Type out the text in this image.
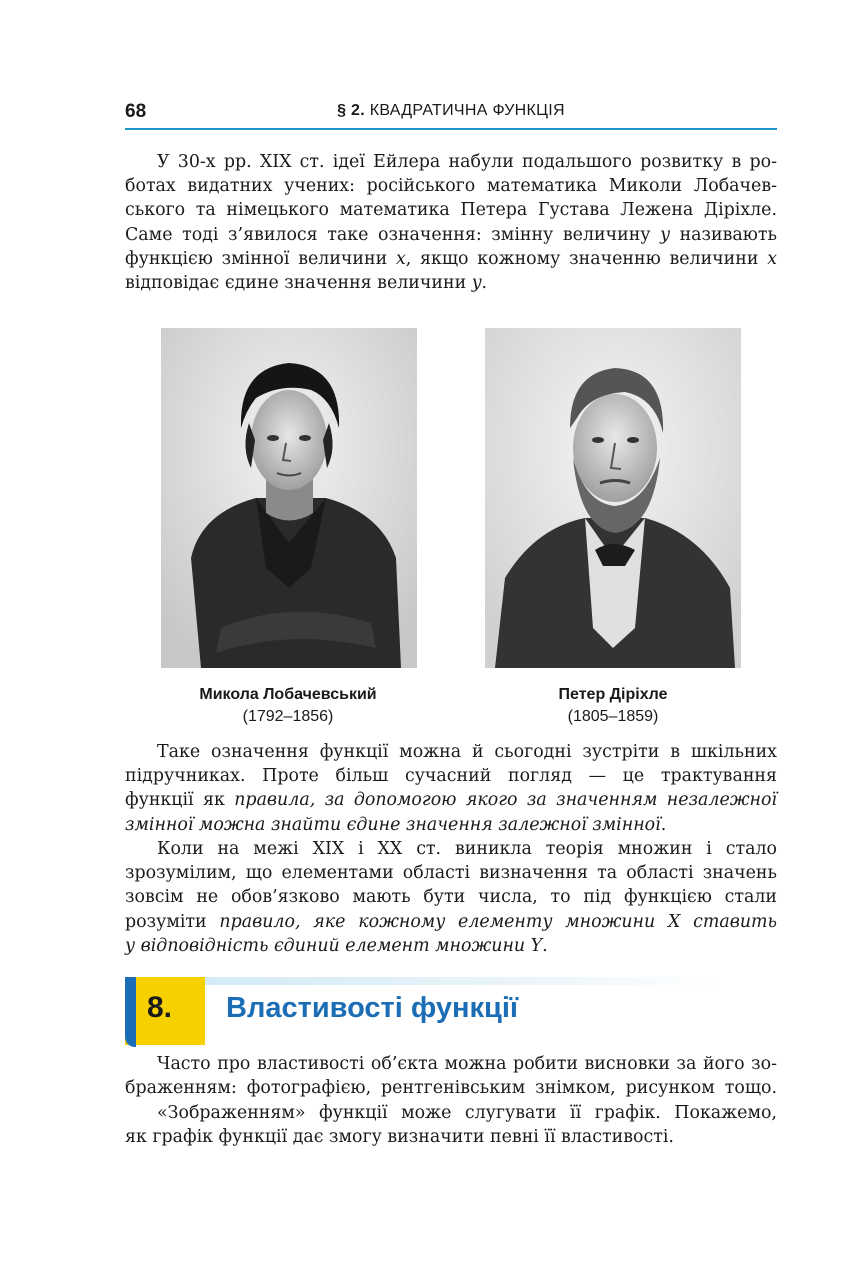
68	§ 2. КВАДРАТИЧНА ФУНКЦІЯ
У 30-х рр. XIX ст. ідеї Ейлера набули подальшого розвитку в ро-
ботах видатних учених: російського математика Миколи Лобачев-
ського та німецького математика Петера Густава Лежена Діріхле.
Саме тоді з’явилося таке означення: змінну величину y називають
функцією змінної величини x, якщо кожному значенню величини x
відповідає єдине значення величини y.
Микола Лобачевський
(1792–1856)
Петер Діріхле
(1805–1859)
Таке означення функції можна й сьогодні зустріти в шкільних
підручниках. Проте більш сучасний погляд — це трактування
функції як правила, за допомогою якого за значенням незалежної
змінної можна знайти єдине значення залежної змінної.
Коли на межі XIX і XX ст. виникла теорія множин і стало
зрозумілим, що елементами області визначення та області значень
зовсім не обов’язково мають бути числа, то під функцією стали
розуміти правило, яке кожному елементу множини X ставить
у відповідність єдиний елемент множини Y.
8. Властивості функції
Часто про властивості об’єкта можна робити висновки за його зо-
браженням: фотографією, рентгенівським знімком, рисунком тощо.
«Зображенням» функції може слугувати її графік. Покажемо,
як графік функції дає змогу визначити певні її властивості.
